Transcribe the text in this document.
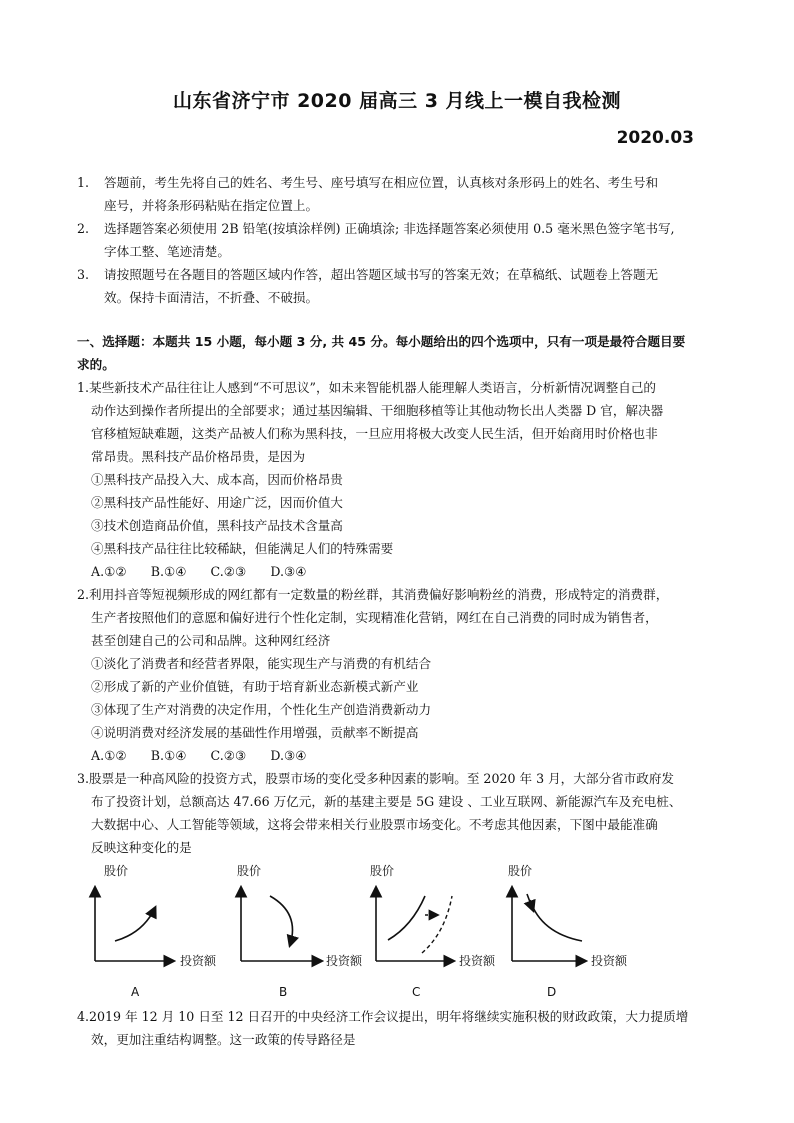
山东省济宁市 2020 届高三 3 月线上一模自我检测
2020.03
1. 答题前，考生先将自己的姓名、考生号、座号填写在相应位置，认真核对条形码上的姓名、考生号和
座号，并将条形码粘贴在指定位置上。
2. 选择题答案必须使用 2B 铅笔(按填涂样例) 正确填涂; 非选择题答案必须使用 0.5 毫米黑色签字笔书写,
字体工整、笔迹清楚。
3. 请按照题号在各题目的答题区域内作答，超出答题区域书写的答案无效；在草稿纸、试题卷上答题无
效。保持卡面清洁，不折叠、不破损。
一、选择题：本题共 15 小题，每小题 3 分, 共 45 分。每小题给出的四个选项中，只有一项是最符合题目要
求的。
1.某些新技术产品往往让人感到“不可思议”，如未来智能机器人能理解人类语言，分析新情况调整自己的
动作达到操作者所提出的全部要求；通过基因编辑、干细胞移植等让其他动物长出人类器 D 官，解决器
官移植短缺难题，这类产品被人们称为黑科技，一旦应用将极大改变人民生活，但开始商用时价格也非
常昂贵。黑科技产品价格昂贵，是因为
①黑科技产品投入大、成本高，因而价格昂贵
②黑科技产品性能好、用途广泛，因而价值大
③技术创造商品价值，黑科技产品技术含量高
④黑科技产品往往比较稀缺，但能满足人们的特殊需要
A.①② B.①④ C.②③ D.③④
2.利用抖音等短视频形成的网红都有一定数量的粉丝群，其消费偏好影响粉丝的消费，形成特定的消费群，
生产者按照他们的意愿和偏好进行个性化定制，实现精准化营销，网红在自己消费的同时成为销售者，
甚至创建自己的公司和品牌。这种网红经济
①淡化了消费者和经营者界限，能实现生产与消费的有机结合
②形成了新的产业价值链，有助于培育新业态新模式新产业
③体现了生产对消费的决定作用，个性化生产创造消费新动力
④说明消费对经济发展的基础性作用增强，贡献率不断提高
A.①② B.①④ C.②③ D.③④
3.股票是一种高风险的投资方式，股票市场的变化受多种因素的影响。至 2020 年 3 月，大部分省市政府发
布了投资计划，总额高达 47.66 万亿元，新的基建主要是 5G 建设 、工业互联网、新能源汽车及充电桩、
大数据中心、人工智能等领域，这将会带来相关行业股票市场变化。不考虑其他因素，下图中最能准确
反映这种变化的是
股价
投资额
A
股价
投资额
B
股价
投资额
C
股价
投资额
D
4.2019 年 12 月 10 日至 12 日召开的中央经济工作会议提出，明年将继续实施积极的财政政策，大力提质增
效，更加注重结构调整。这一政策的传导路径是
